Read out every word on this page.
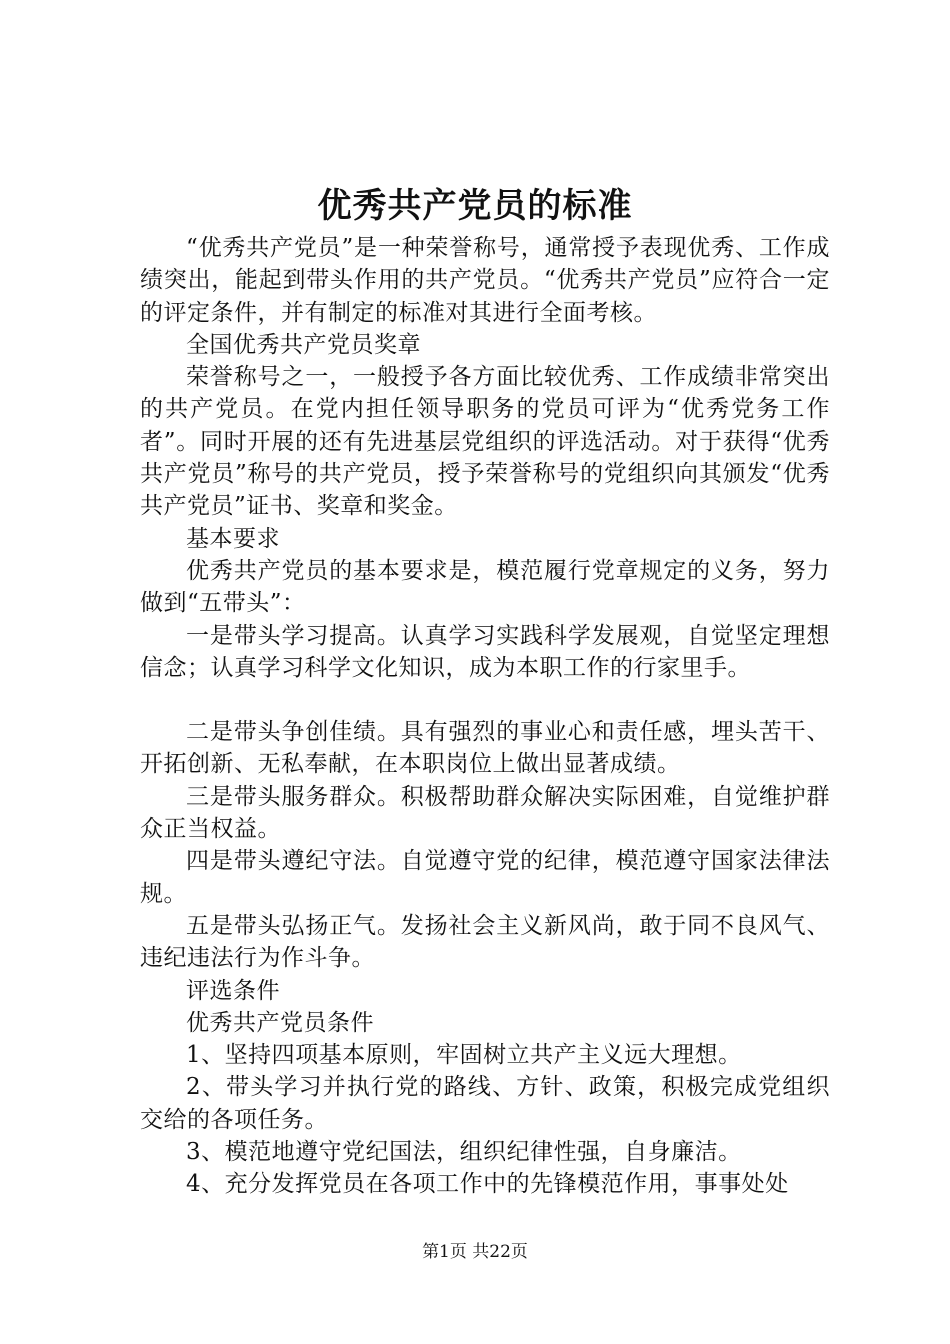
优秀共产党员的标准

“优秀共产党员”是一种荣誉称号，通常授予表现优秀、工作成绩突出，能起到带头作用的共产党员。“优秀共产党员”应符合一定的评定条件，并有制定的标准对其进行全面考核。

全国优秀共产党员奖章

荣誉称号之一，一般授予各方面比较优秀、工作成绩非常突出的共产党员。在党内担任领导职务的党员可评为“优秀党务工作者”。同时开展的还有先进基层党组织的评选活动。对于获得“优秀共产党员”称号的共产党员，授予荣誉称号的党组织向其颁发“优秀共产党员”证书、奖章和奖金。

基本要求

优秀共产党员的基本要求是，模范履行党章规定的义务，努力做到“五带头”：

一是带头学习提高。认真学习实践科学发展观，自觉坚定理想信念；认真学习科学文化知识，成为本职工作的行家里手。

二是带头争创佳绩。具有强烈的事业心和责任感，埋头苦干、开拓创新、无私奉献，在本职岗位上做出显著成绩。

三是带头服务群众。积极帮助群众解决实际困难，自觉维护群众正当权益。

四是带头遵纪守法。自觉遵守党的纪律，模范遵守国家法律法规。

五是带头弘扬正气。发扬社会主义新风尚，敢于同不良风气、违纪违法行为作斗争。

评选条件

优秀共产党员条件

1、坚持四项基本原则，牢固树立共产主义远大理想。

2、带头学习并执行党的路线、方针、政策，积极完成党组织交给的各项任务。

3、模范地遵守党纪国法，组织纪律性强，自身廉洁。

4、充分发挥党员在各项工作中的先锋模范作用，事事处处

第1页 共22页
